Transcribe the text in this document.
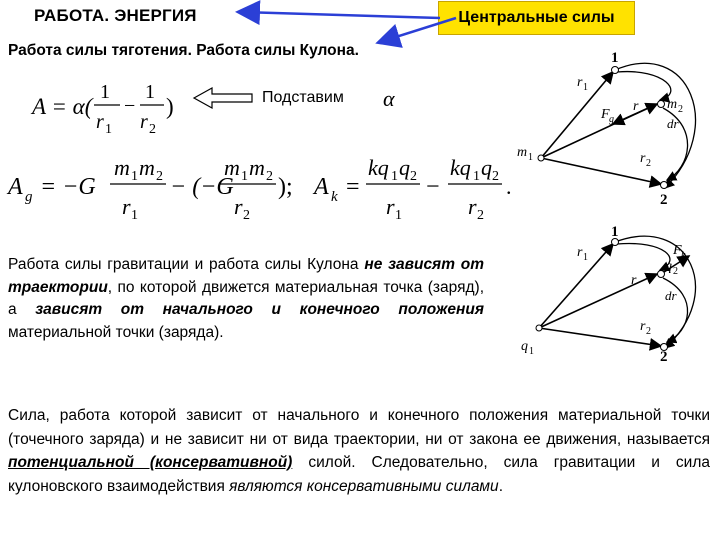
РАБОТА. ЭНЕРГИЯ	Центральные силы
Работа силы тяготения. Работа силы Кулона.
A = α(
1
r 1
−
1
r 2
)	Подставим α
A g = −G
m 1 m 2
r 1
− (−G
m 1 m 2
r 2
); A k =
kq 1 q 2
r 1
−
kq 1 q 2
r 2
.
Работа силы гравитации и работа силы Кулона не зависят от траектории, по которой движется материальная точка (заряд), а зависят от начального и конечного положения материальной точки (заряда).
Сила, работа которой зависит от начального и конечного положения материальной точки (точечного заряда) и не зависит ни от вида траектории, ни от закона ее движения, называется потенциальной (консервативной) силой. Следовательно, сила гравитации и сила кулоновского взаимодействия являются консервативными силами.
1
2
r 1
r
F g
m 2
dr
r 2
m 1
1
2
r 1	F k
q 2
r
dr
r 2
q 1
